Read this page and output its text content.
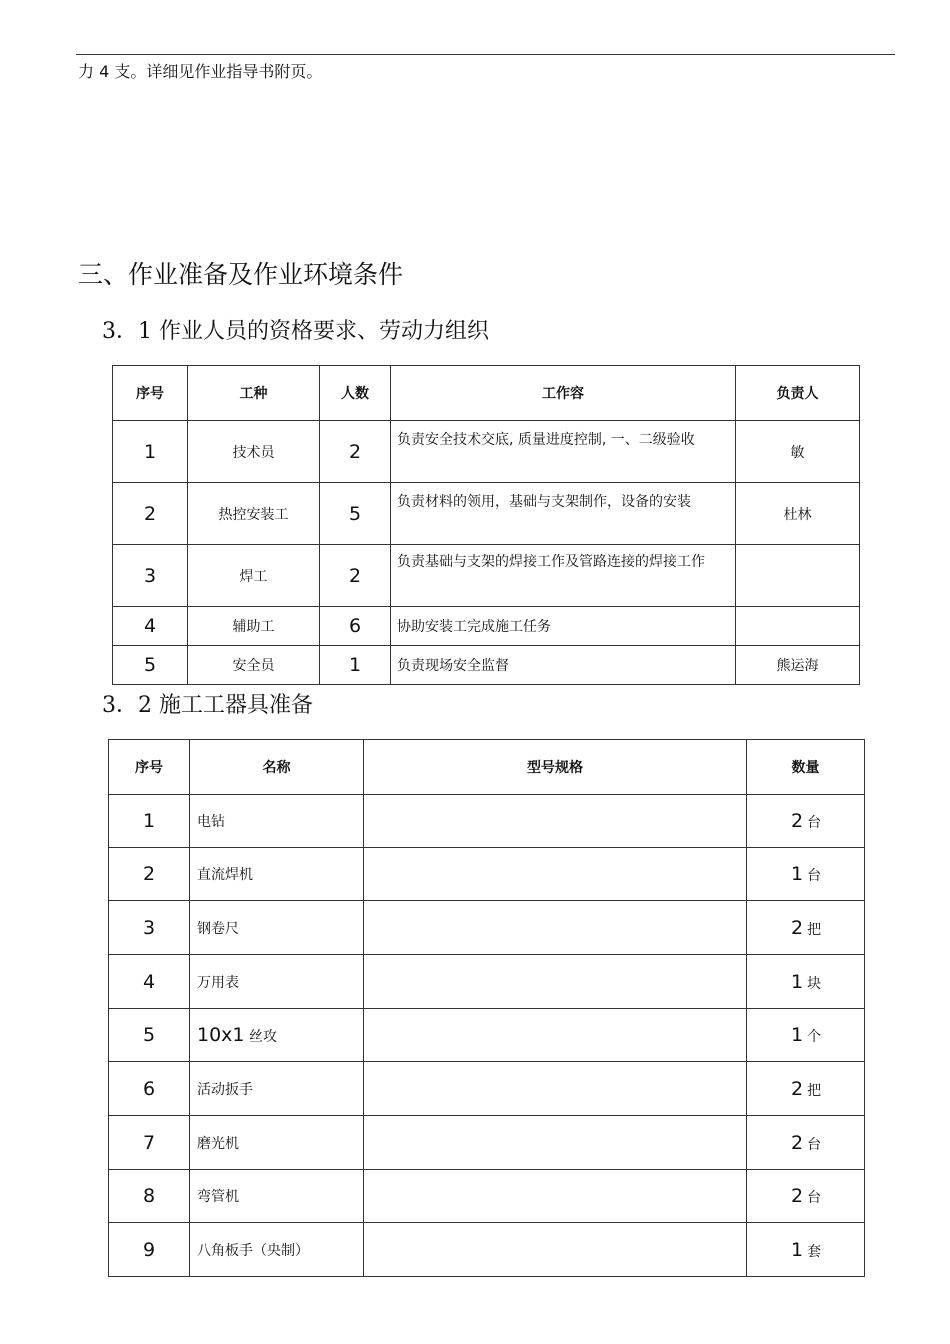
力 4 支。详细见作业指导书附页。
三、作业准备及作业环境条件
3．1 作业人员的资格要求、劳动力组织
序号	工种	人数	工作容	负责人
1	技术员	2	负责安全技术交底, 质量进度控制, 一、二级验收	敏
2	热控安装工	5	负责材料的领用，基础与支架制作，设备的安装	杜林
3	焊工	2	负责基础与支架的焊接工作及管路连接的焊接工作	
4	辅助工	6	协助安装工完成施工任务	
5	安全员	1	负责现场安全监督	熊运海
3．2 施工工器具准备
序号	名称	型号规格	数量
1	电钻		2 台
2	直流焊机		1 台
3	钢卷尺		2 把
4	万用表		1 块
5	10x1 丝攻		1 个
6	活动扳手		2 把
7	磨光机		2 台
8	弯管机		2 台
9	八角板手（央制）		1 套
